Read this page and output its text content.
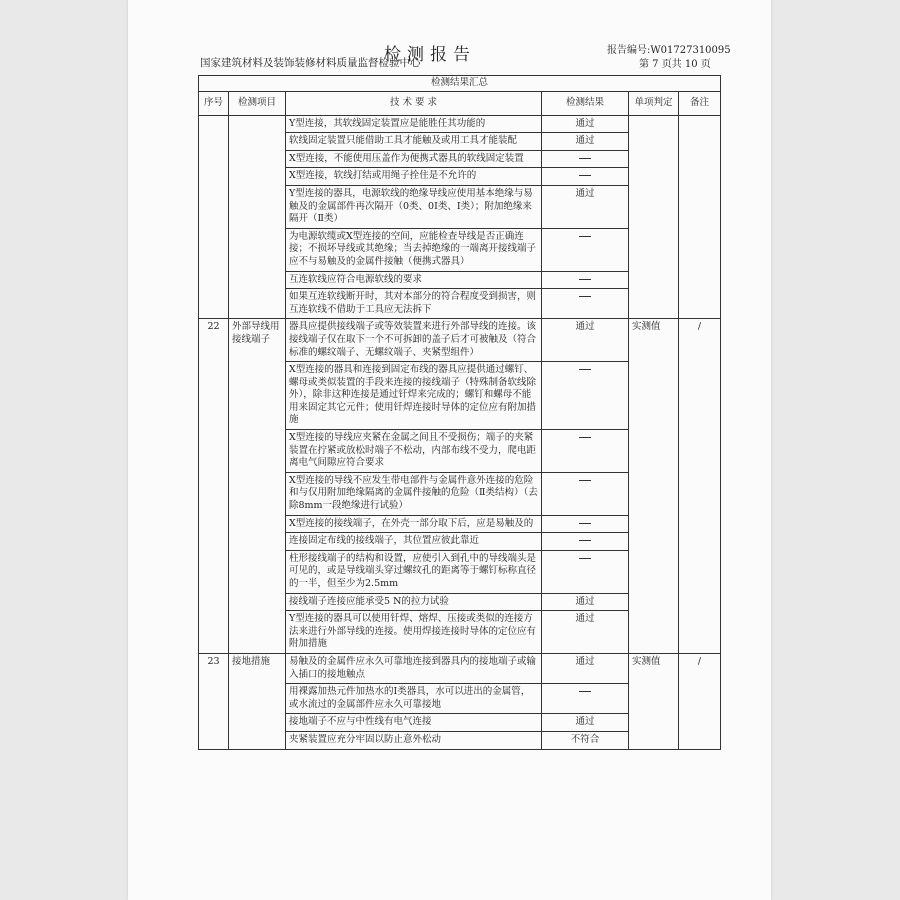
检测报告
国家建筑材料及装饰装修材料质量监督检验中心
报告编号:W01727310095
第 7 页共 10 页
检测结果汇总					
序号	检测项目	技 术 要 求	检测结果	单项判定	备注
		Y型连接，其软线固定装置应是能胜任其功能的	通过		
		软线固定装置只能借助工具才能触及或用工具才能装配	通过		
		X型连接，不能使用压盖作为便携式器具的软线固定装置			
		X型连接，软线打结或用绳子拴住是不允许的			
		Y型连接的器具，电源软线的绝缘导线应使用基本绝缘与易触及的金属部件再次隔开（0类、0I类、Ⅰ类）；附加绝缘来隔开（Ⅱ类）	通过		
		为电源软缆或X型连接的空间，应能检查导线是否正确连接；不损坏导线或其绝缘；当去掉绝缘的一端离开接线端子应不与易触及的金属件接触（便携式器具）			
		互连软线应符合电源软线的要求			
		如果互连软线断开时，其对本部分的符合程度受到损害，则互连软线不借助于工具应无法拆下			
22	外部导线用接线端子	器具应提供接线端子或等效装置来进行外部导线的连接。该接线端子仅在取下一个不可拆卸的盖子后才可被触及（符合标准的螺纹端子、无螺纹端子、夹紧型组件）	通过	实测值	/
		X型连接的器具和连接到固定布线的器具应提供通过螺钉、螺母或类似装置的手段来连接的接线端子（特殊制备软线除外），除非这种连接是通过钎焊来完成的；螺钉和螺母不能用来固定其它元件；使用钎焊连接时导体的定位应有附加措施			
		X型连接的导线应夹紧在金属之间且不受损伤；端子的夹紧装置在拧紧或放松时端子不松动，内部布线不受力，爬电距离电气间隙应符合要求			
		X型连接的导线不应发生带电部件与金属件意外连接的危险和与仅用附加绝缘隔离的金属件接触的危险（Ⅱ类结构）（去除8mm一段绝缘进行试验）			
		X型连接的接线端子，在外壳一部分取下后，应是易触及的			
		连接固定布线的接线端子，其位置应彼此靠近			
		柱形接线端子的结构和设置，应使引入到孔中的导线端头是可见的，或是导线端头穿过螺纹孔的距离等于螺钉标称直径的一半，但至少为2.5mm			
		接线端子连接应能承受5 N的拉力试验	通过		
		Y型连接的器具可以使用钎焊、熔焊、压接或类似的连接方法来进行外部导线的连接。使用焊接连接时导体的定位应有附加措施	通过		
23	接地措施	易触及的金属件应永久可靠地连接到器具内的接地端子或输入插口的接地触点	通过	实测值	/
		用裸露加热元件加热水的Ⅰ类器具，水可以进出的金属管，或水流过的金属部件应永久可靠接地			
		接地端子不应与中性线有电气连接	通过		
		夹紧装置应充分牢固以防止意外松动	不符合		
